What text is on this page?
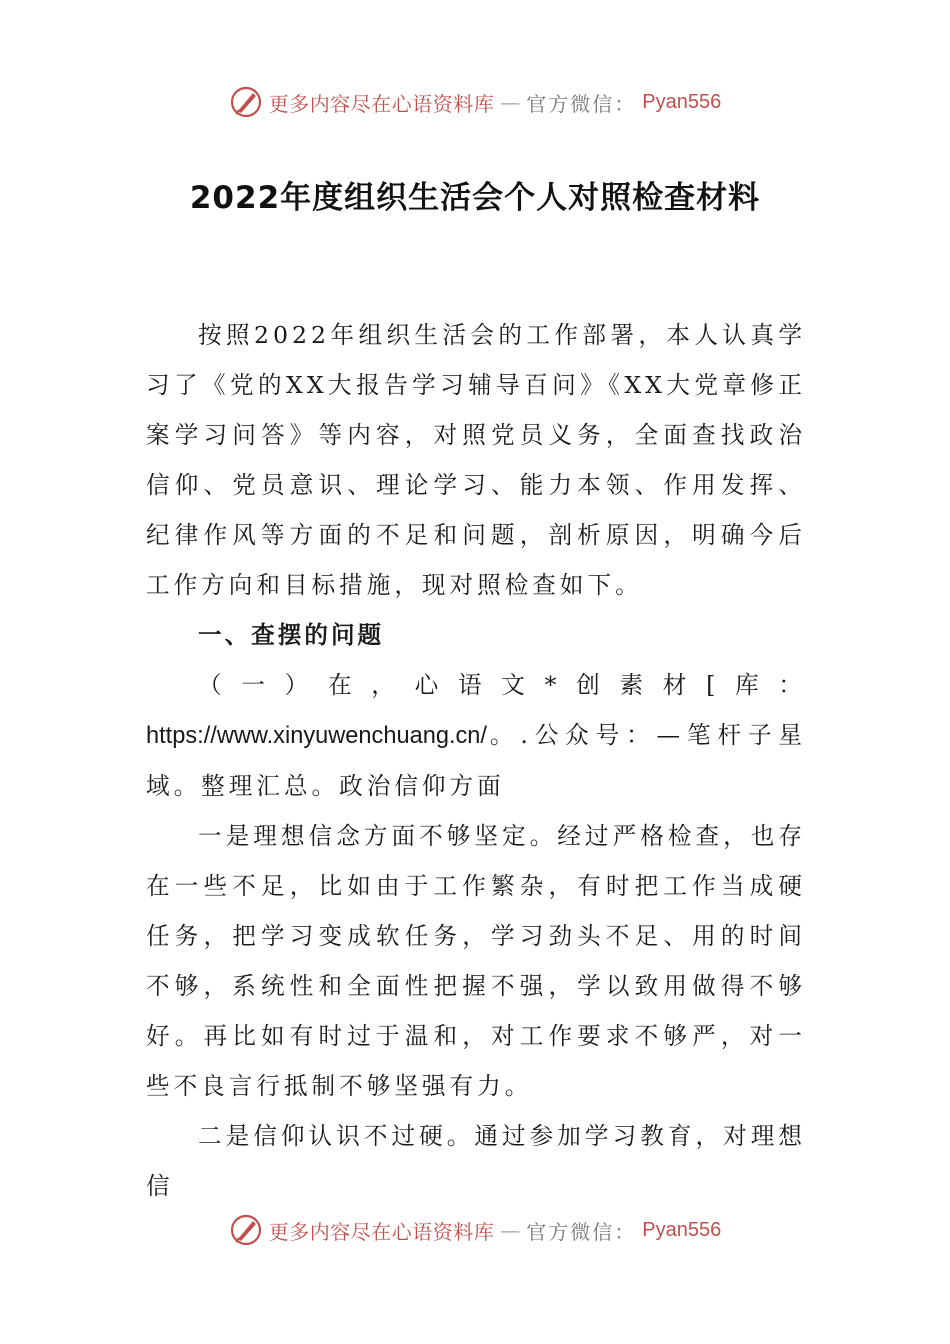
更多内容尽在心语资料库 — 官方微信： Pyan556
2022年度组织生活会个人对照检查材料

按照2022年组织生活会的工作部署，本人认真学习了《党的XX大报告学习辅导百问》《XX大党章修正案学习问答》等内容，对照党员义务，全面查找政治信仰、党员意识、理论学习、能力本领、作用发挥、纪律作风等方面的不足和问题，剖析原因，明确今后工作方向和目标措施，现对照检查如下。

一、查摆的问题

（一）在，心语文*创素材[库：https://www.xinyuwenchuang.cn/。.公众号：—笔杆子星域。整理汇总。政治信仰方面

一是理想信念方面不够坚定。经过严格检查，也存在一些不足，比如由于工作繁杂，有时把工作当成硬任务，把学习变成软任务，学习劲头不足、用的时间不够，系统性和全面性把握不强，学以致用做得不够好。再比如有时过于温和，对工作要求不够严，对一些不良言行抵制不够坚强有力。

二是信仰认识不过硬。通过参加学习教育，对理想信

更多内容尽在心语资料库 — 官方微信： Pyan556
